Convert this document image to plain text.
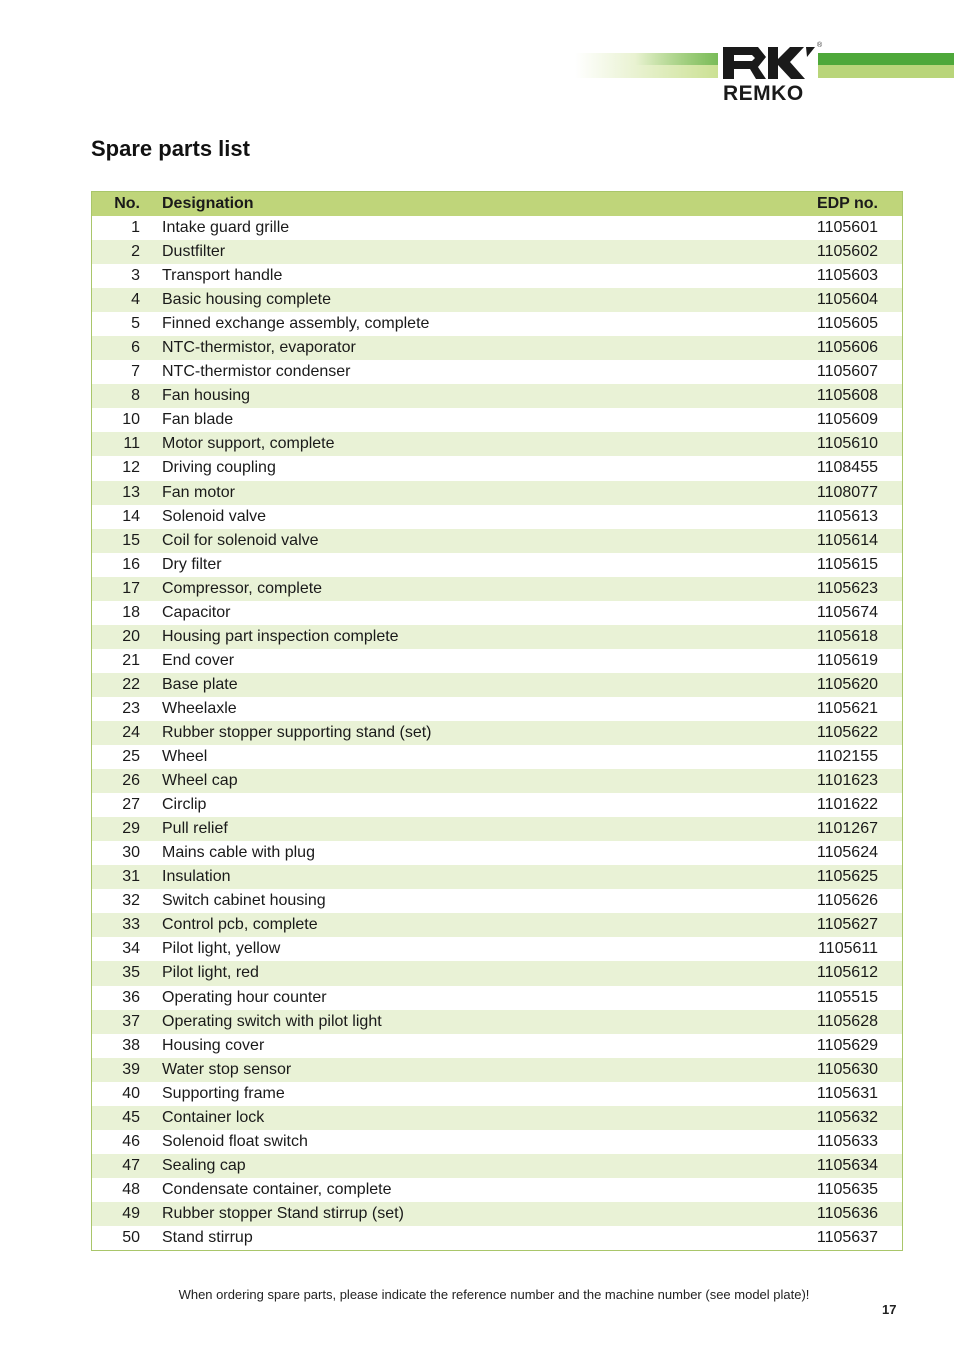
®
REMKO
Spare parts list
No.	Designation	EDP no.
1	Intake guard grille	1105601
2	Dustfilter	1105602
3	Transport handle	1105603
4	Basic housing complete	1105604
5	Finned exchange assembly, complete	1105605
6	NTC-thermistor, evaporator	1105606
7	NTC-thermistor condenser	1105607
8	Fan housing	1105608
10	Fan blade	1105609
11	Motor support, complete	1105610
12	Driving coupling	1108455
13	Fan motor	1108077
14	Solenoid valve	1105613
15	Coil for solenoid valve	1105614
16	Dry filter	1105615
17	Compressor, complete	1105623
18	Capacitor	1105674
20	Housing part inspection complete	1105618
21	End cover	1105619
22	Base plate	1105620
23	Wheelaxle	1105621
24	Rubber stopper supporting stand (set)	1105622
25	Wheel	1102155
26	Wheel cap	1101623
27	Circlip	1101622
29	Pull relief	1101267
30	Mains cable with plug	1105624
31	Insulation	1105625
32	Switch cabinet housing	1105626
33	Control pcb, complete	1105627
34	Pilot light, yellow	1105611
35	Pilot light, red	1105612
36	Operating hour counter	1105515
37	Operating switch with pilot light	1105628
38	Housing cover	1105629
39	Water stop sensor	1105630
40	Supporting frame	1105631
45	Container lock	1105632
46	Solenoid float switch	1105633
47	Sealing cap	1105634
48	Condensate container, complete	1105635
49	Rubber stopper Stand stirrup (set)	1105636
50	Stand stirrup	1105637
When ordering spare parts, please indicate the reference number and the machine number (see model plate)!
17
